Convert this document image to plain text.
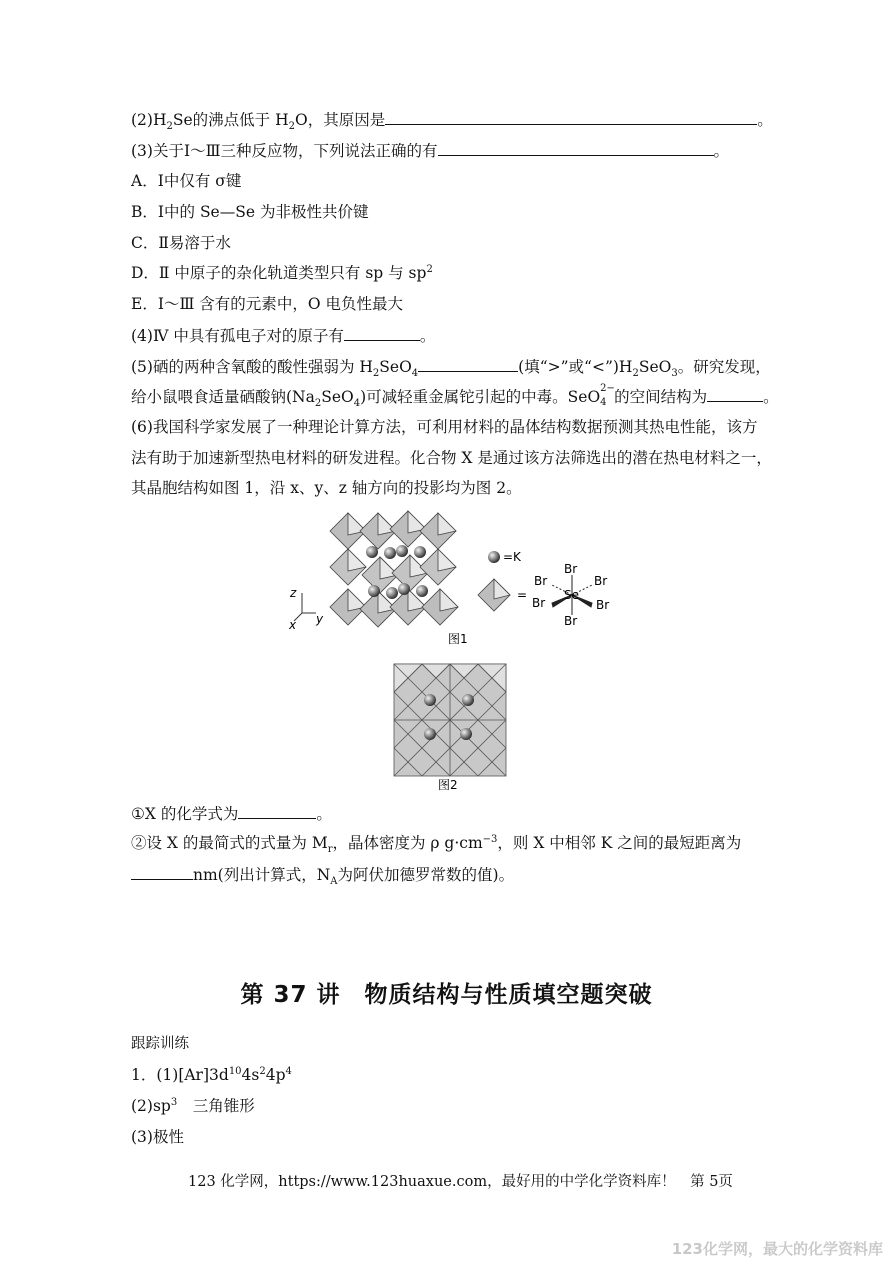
$(2)H_2Se$的沸点低于 $H_2O$，其原因是	。
(3)关于Ⅰ～Ⅲ三种反应物，下列说法正确的有	。
A．Ⅰ中仅有 σ键
B．Ⅰ中的 Se—Se 为非极性共价键
C．Ⅱ易溶于水
D．Ⅱ 中原子的杂化轨道类型只有 sp 与 $sp^2$
E．Ⅰ～Ⅲ 含有的元素中，O 电负性最大
(4)Ⅳ 中具有孤电子对的原子有	。
(5)硒的两种含氧酸的酸性强弱为 $H_2SeO_4$	(填“>”或“$<”)H_2SeO_3$。研究发现，
给小鼠喂食适量硒酸钠$(Na_2SeO_4)$可减轻重金属铊引起的中毒。SeO 2−
4 的空间结构为	。
(6)我国科学家发展了一种理论计算方法，可利用材料的晶体结构数据预测其热电性能，该方
法有助于加速新型热电材料的研发进程。化合物 X 是通过该方法筛选出的潜在热电材料之一，
其晶胞结构如图 1，沿 x、y、z 轴方向的投影均为图 2。
z
y
x
=K
=	Se
Br
Br
Br	Br
Br	Br
图1
图2
①X 的化学式为	。
②设 X 的最简式的式量为 $M_r$，晶体密度为 ρ $g\cdot cm^{-3}$，则 X 中相邻 K 之间的最短距离为
nm(列出计算式，$N_A$为阿伏加德罗常数的值)。
第 37 讲　物质结构与性质填空题突破
跟踪训练
1．$(1)[Ar]3d^{10}4s^24p^4$
$(2)sp^3$　三角锥形
(3)极性
123 化学网，https://www.123huaxue.com，最好用的中学化学资料库！　第 5页
123化学网，最大的化学资料库
